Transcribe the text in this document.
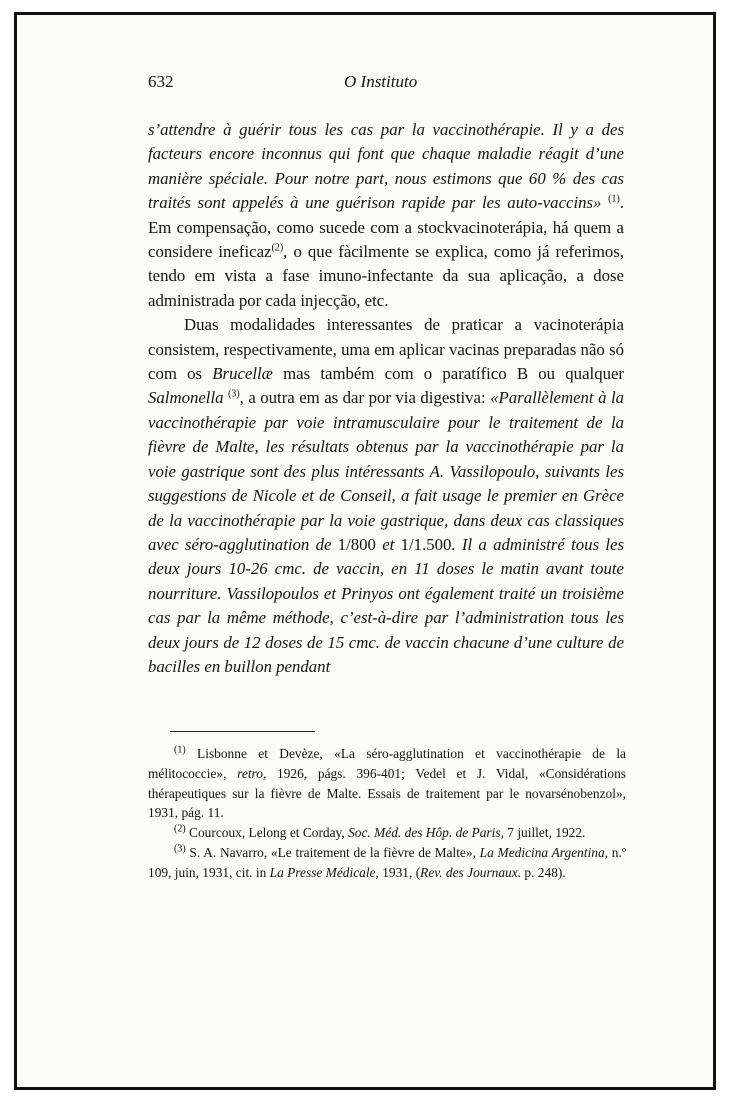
632	O Instituto

s’attendre à guérir tous les cas par la vaccinothérapie. Il y a des facteurs encore inconnus qui font que chaque maladie réagit d’une manière spéciale. Pour notre part, nous estimons que 60 % des cas traités sont appelés à une guérison rapide par les auto-vaccins» $^{(1)}$. Em compensação, como sucede com a stockvacinoterápia, há quem a considere ineficaz$^{(2)}$, o que fàcilmente se explica, como já referimos, tendo em vista a fase imuno-infectante da sua aplicação, a dose administrada por cada injecção, etc.

Duas modalidades interessantes de praticar a vacinoterápia consistem, respectivamente, uma em aplicar vacinas preparadas não só com os Brucellæ mas também com o paratífico B ou qualquer Salmonella $^{(3)}$, a outra em as dar por via digestiva: «Parallèlement à la vaccinothérapie par voie intramusculaire pour le traitement de la fièvre de Malte, les résultats obtenus par la vaccinothérapie par la voie gastrique sont des plus intéressants A. Vassilopoulo, suivants les suggestions de Nicole et de Conseil, a fait usage le premier en Grèce de la vaccinothérapie par la voie gastrique, dans deux cas classiques avec séro-agglutination de 1/800 et 1/1.500. Il a administré tous les deux jours 10-26 cmc. de vaccin, en 11 doses le matin avant toute nourriture. Vassilopoulos et Prinyos ont également traité un troisième cas par la même méthode, c’est-à-dire par l’administration tous les deux jours de 12 doses de 15 cmc. de vaccin chacune d’une culture de bacilles en buillon pendant

$^{(1)}$ Lisbonne et Devèze, «La séro-agglutination et vaccinothérapie de la mélitococcie», retro, 1926, págs. 396-401; Vedel et J. Vidal, «Considérations thérapeutiques sur la fièvre de Malte. Essais de traitement par le novarsénobenzol», 1931, pág. 11.

$^{(2)}$ Courcoux, Lelong et Corday, Soc. Méd. des Hôp. de Paris, 7 juillet, 1922.

$^{(3)}$ S. A. Navarro, «Le traitement de la fièvre de Malte», La Medicina Argentina, n.º 109, juin, 1931, cit. in La Presse Médicale, 1931, (Rev. des Journaux. p. 248).
